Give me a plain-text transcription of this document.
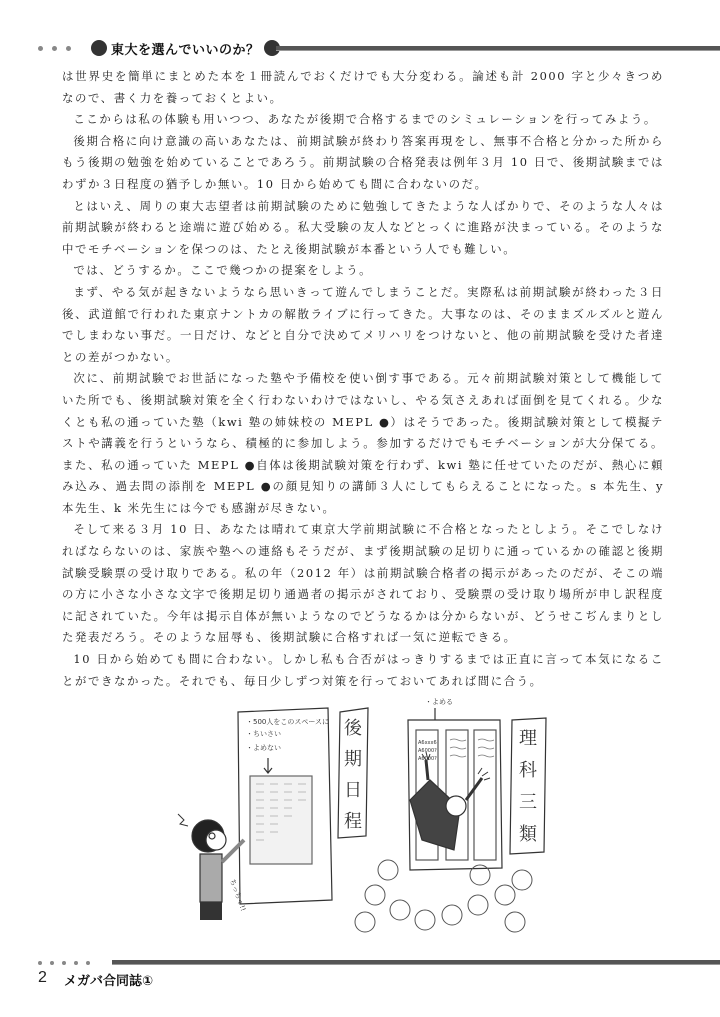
東大を選んでいいのか？

は世界史を簡単にまとめた本を１冊読んでおくだけでも大分変わる。論述も計 2000 字と少々きつめなので、書く力を養っておくとよい。

ここからは私の体験も用いつつ、あなたが後期で合格するまでのシミュレーションを行ってみよう。

後期合格に向け意識の高いあなたは、前期試験が終わり答案再現をし、無事不合格と分かった所からもう後期の勉強を始めていることであろう。前期試験の合格発表は例年３月 10 日で、後期試験まではわずか３日程度の猶予しか無い。10 日から始めても間に合わないのだ。

とはいえ、周りの東大志望者は前期試験のために勉強してきたような人ばかりで、そのような人々は前期試験が終わると途端に遊び始める。私大受験の友人などとっくに進路が決まっている。そのような中でモチベーションを保つのは、たとえ後期試験が本番という人でも難しい。

では、どうするか。ここで幾つかの提案をしよう。

まず、やる気が起きないようなら思いきって遊んでしまうことだ。実際私は前期試験が終わった３日後、武道館で行われた東京ナントカの解散ライブに行ってきた。大事なのは、そのままズルズルと遊んでしまわない事だ。一日だけ、などと自分で決めてメリハリをつけないと、他の前期試験を受けた者達との差がつかない。

次に、前期試験でお世話になった塾や予備校を使い倒す事である。元々前期試験対策として機能していた所でも、後期試験対策を全く行わないわけではないし、やる気さえあれば面倒を見てくれる。少なくとも私の通っていた塾（kwi 塾の姉妹校の MEPL ●）はそうであった。後期試験対策として模擬テストや講義を行うというなら、積極的に参加しよう。参加するだけでもモチベーションが大分保てる。また、私の通っていた MEPL ●自体は後期試験対策を行わず、kwi 塾に任せていたのだが、熱心に頼み込み、過去問の添削を MEPL ●の顔見知りの講師３人にしてもらえることになった。s 本先生、y 本先生、k 米先生には今でも感謝が尽きない。

そして来る３月 10 日、あなたは晴れて東京大学前期試験に不合格となったとしよう。そこでしなければならないのは、家族や塾への連絡もそうだが、まず後期試験の足切りに通っているかの確認と後期試験受験票の受け取りである。私の年（2012 年）は前期試験合格者の掲示があったのだが、そこの端の方に小さな小さな文字で後期足切り通過者の掲示がされており、受験票の受け取り場所が申し訳程度に記されていた。今年は掲示自体が無いようなのでどうなるかは分からないが、どうせこぢんまりとした発表だろう。そのような屈辱も、後期試験に合格すれば一気に逆転できる。

10 日から始めても間に合わない。しかし私も合否がはっきりするまでは正直に言って本気になることができなかった。それでも、毎日少しずつ対策を行っておいてあれば間に合う。

・500人をこのスペースに
・ちいさい
・よめない
後
期
日
程
・よめる
A6xxx6
A6000?
A6000?
理
科
三
類
ちっちゃ!!
2 メガバ合同誌①
